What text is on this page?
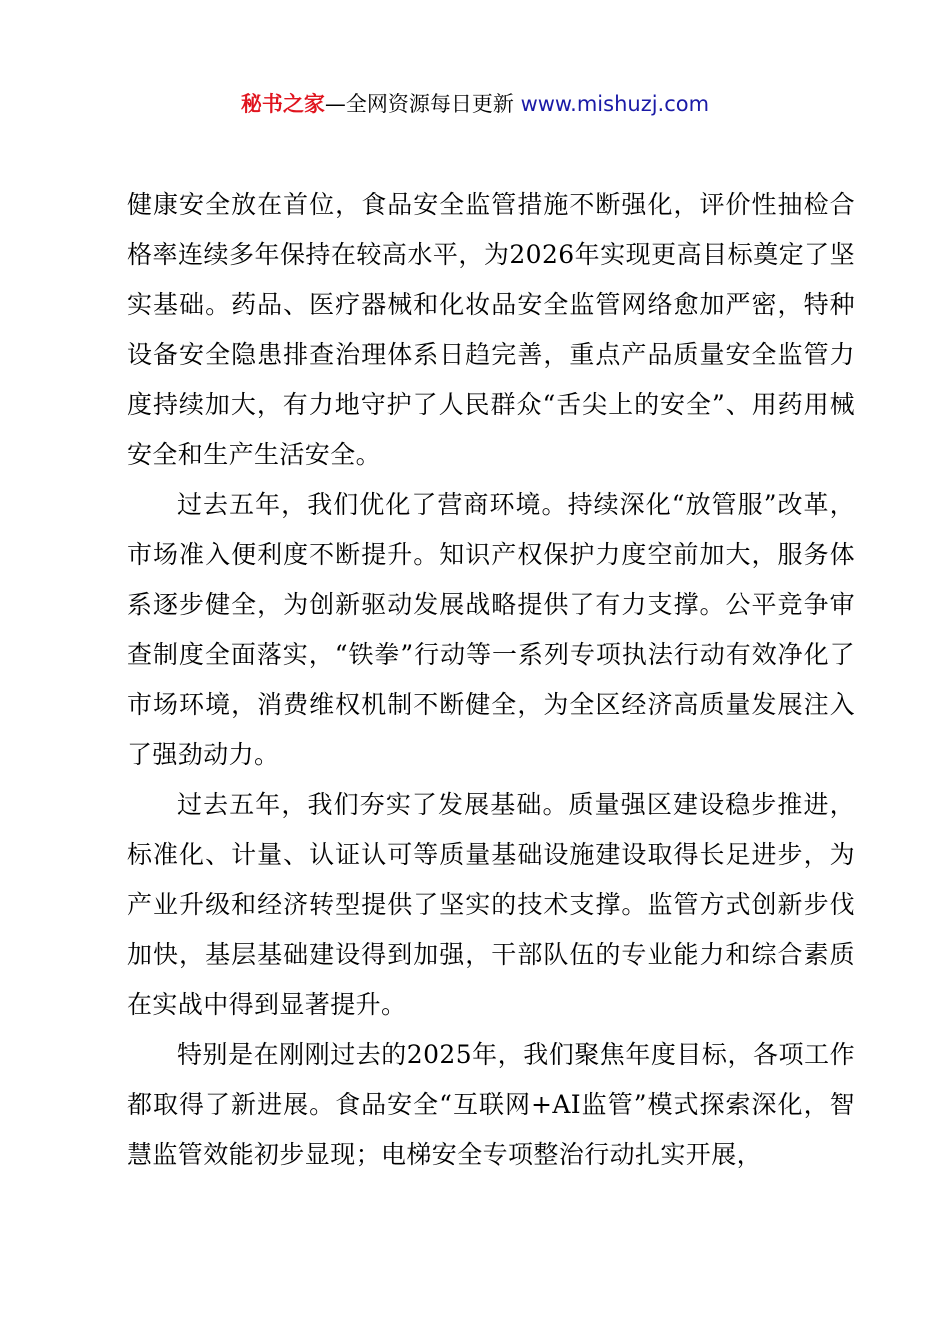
秘书之家—全网资源每日更新 www.mishuzj.com

健康安全放在首位，食品安全监管措施不断强化，评价性抽检合格率连续多年保持在较高水平，为2026年实现更高目标奠定了坚实基础。药品、医疗器械和化妆品安全监管网络愈加严密，特种设备安全隐患排查治理体系日趋完善，重点产品质量安全监管力度持续加大，有力地守护了人民群众“舌尖上的安全”、用药用械安全和生产生活安全。

过去五年，我们优化了营商环境。持续深化“放管服”改革，市场准入便利度不断提升。知识产权保护力度空前加大，服务体系逐步健全，为创新驱动发展战略提供了有力支撑。公平竞争审查制度全面落实，“铁拳”行动等一系列专项执法行动有效净化了市场环境，消费维权机制不断健全，为全区经济高质量发展注入了强劲动力。

过去五年，我们夯实了发展基础。质量强区建设稳步推进，标准化、计量、认证认可等质量基础设施建设取得长足进步，为产业升级和经济转型提供了坚实的技术支撑。监管方式创新步伐加快，基层基础建设得到加强，干部队伍的专业能力和综合素质在实战中得到显著提升。

特别是在刚刚过去的2025年，我们聚焦年度目标，各项工作都取得了新进展。食品安全“互联网+AI监管”模式探索深化，智慧监管效能初步显现；电梯安全专项整治行动扎实开展，
